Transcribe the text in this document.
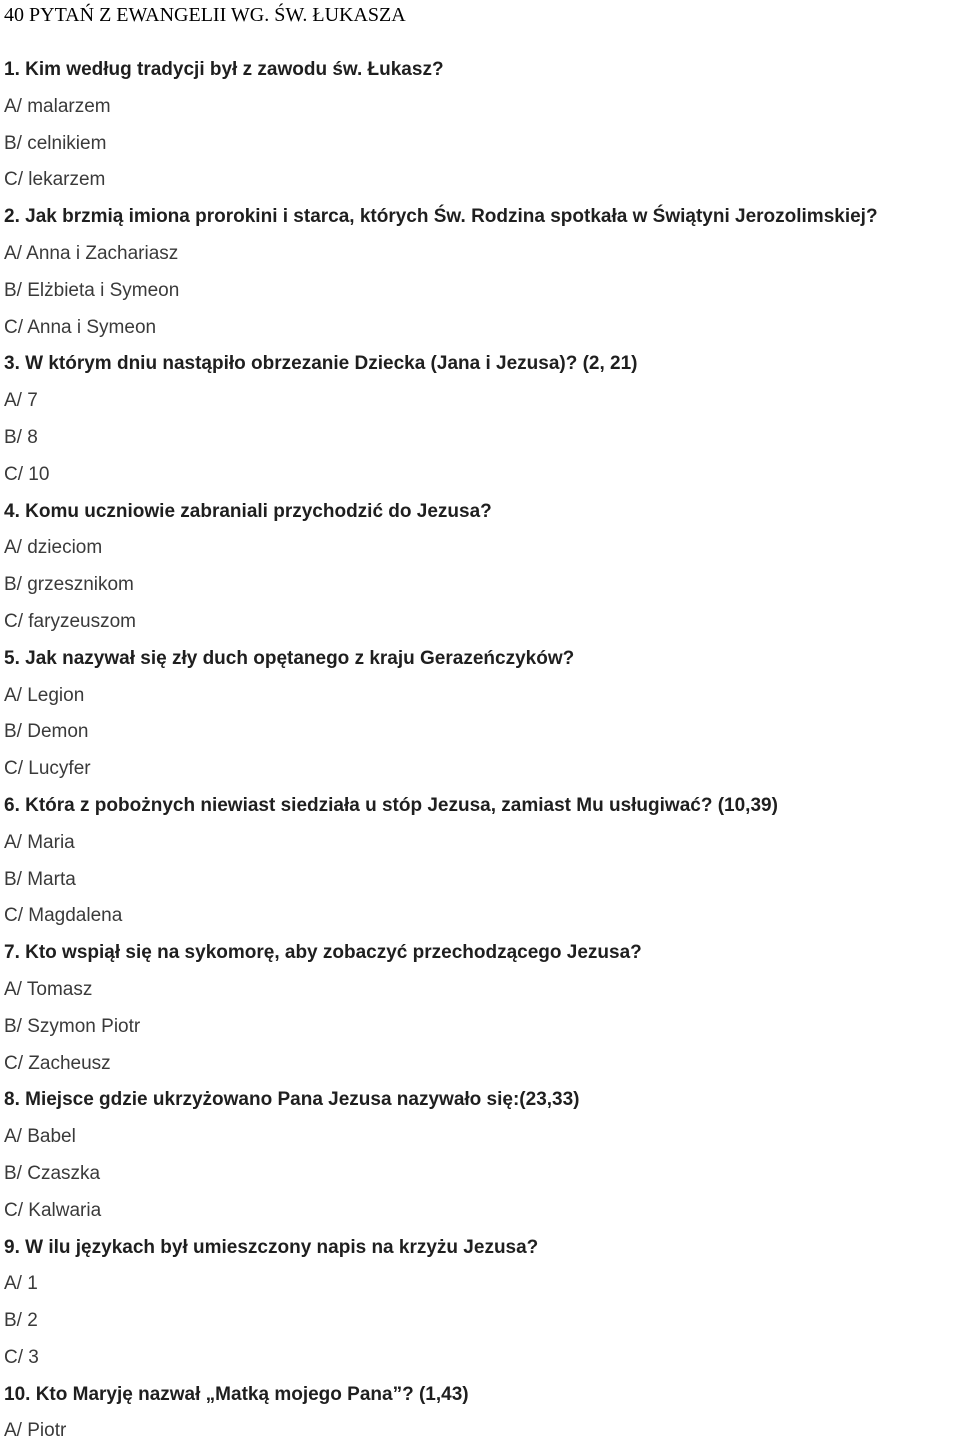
40 PYTAŃ Z EWANGELII WG. ŚW. ŁUKASZA
1. Kim według tradycji był z zawodu św. Łukasz?
A/ malarzem
B/ celnikiem
C/ lekarzem
2. Jak brzmią imiona prorokini i starca, których Św. Rodzina spotkała w Świątyni Jerozolimskiej?
A/ Anna i Zachariasz
B/ Elżbieta i Symeon
C/ Anna i Symeon
3. W którym dniu nastąpiło obrzezanie Dziecka (Jana i Jezusa)? (2, 21)
A/ 7
B/ 8
C/ 10
4. Komu uczniowie zabraniali przychodzić do Jezusa?
A/ dzieciom
B/ grzesznikom
C/ faryzeuszom
5. Jak nazywał się zły duch opętanego z kraju Gerazeńczyków?
A/ Legion
B/ Demon
C/ Lucyfer
6. Która z pobożnych niewiast siedziała u stóp Jezusa, zamiast Mu usługiwać? (10,39)
A/ Maria
B/ Marta
C/ Magdalena
7. Kto wspiął się na sykomorę, aby zobaczyć przechodzącego Jezusa?
A/ Tomasz
B/ Szymon Piotr
C/ Zacheusz
8. Miejsce gdzie ukrzyżowano Pana Jezusa nazywało się:(23,33)
A/ Babel
B/ Czaszka
C/ Kalwaria
9. W ilu językach był umieszczony napis na krzyżu Jezusa?
A/ 1
B/ 2
C/ 3
10. Kto Maryję nazwał „Matką mojego Pana”? (1,43)
A/ Piotr
